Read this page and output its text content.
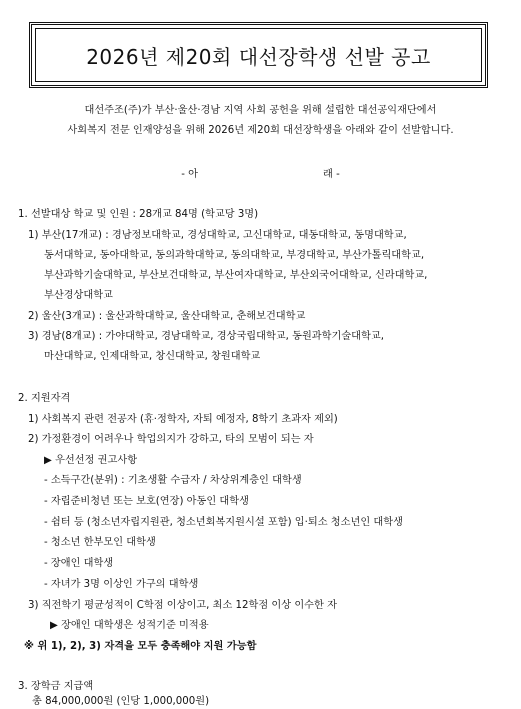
2026년 제20회 대선장학생 선발 공고
대선주조(주)가 부산·울산·경남 지역 사회 공헌을 위해 설립한 대선공익재단에서
사회복지 전문 인재양성을 위해 2026년 제20회 대선장학생을 아래와 같이 선발합니다.
- 아	래 -
1. 선발대상 학교 및 인원 : 28개교 84명 (학교당 3명)
1) 부산(17개교) : 경남정보대학교, 경성대학교, 고신대학교, 대동대학교, 동명대학교,
동서대학교, 동아대학교, 동의과학대학교, 동의대학교, 부경대학교, 부산가톨릭대학교,
부산과학기술대학교, 부산보건대학교, 부산여자대학교, 부산외국어대학교, 신라대학교,
부산경상대학교
2) 울산(3개교) : 울산과학대학교, 울산대학교, 춘해보건대학교
3) 경남(8개교) : 가야대학교, 경남대학교, 경상국립대학교, 동원과학기술대학교,
마산대학교, 인제대학교, 창신대학교, 창원대학교
2. 지원자격
1) 사회복지 관련 전공자 (휴·정학자, 자퇴 예정자, 8학기 초과자 제외)
2) 가정환경이 어려우나 학업의지가 강하고, 타의 모범이 되는 자
▶ 우선선정 권고사항
- 소득구간(분위) : 기초생활 수급자 / 차상위계층인 대학생
- 자립준비청년 또는 보호(연장) 아동인 대학생
- 쉼터 등 (청소년자립지원관, 청소년회복지원시설 포함) 입·퇴소 청소년인 대학생
- 청소년 한부모인 대학생
- 장애인 대학생
- 자녀가 3명 이상인 가구의 대학생
3) 직전학기 평균성적이 C학점 이상이고, 최소 12학점 이상 이수한 자
▶ 장애인 대학생은 성적기준 미적용
※ 위 1), 2), 3) 자격을 모두 충족해야 지원 가능함
3. 장학금 지급액
총 84,000,000원 (인당 1,000,000원)
